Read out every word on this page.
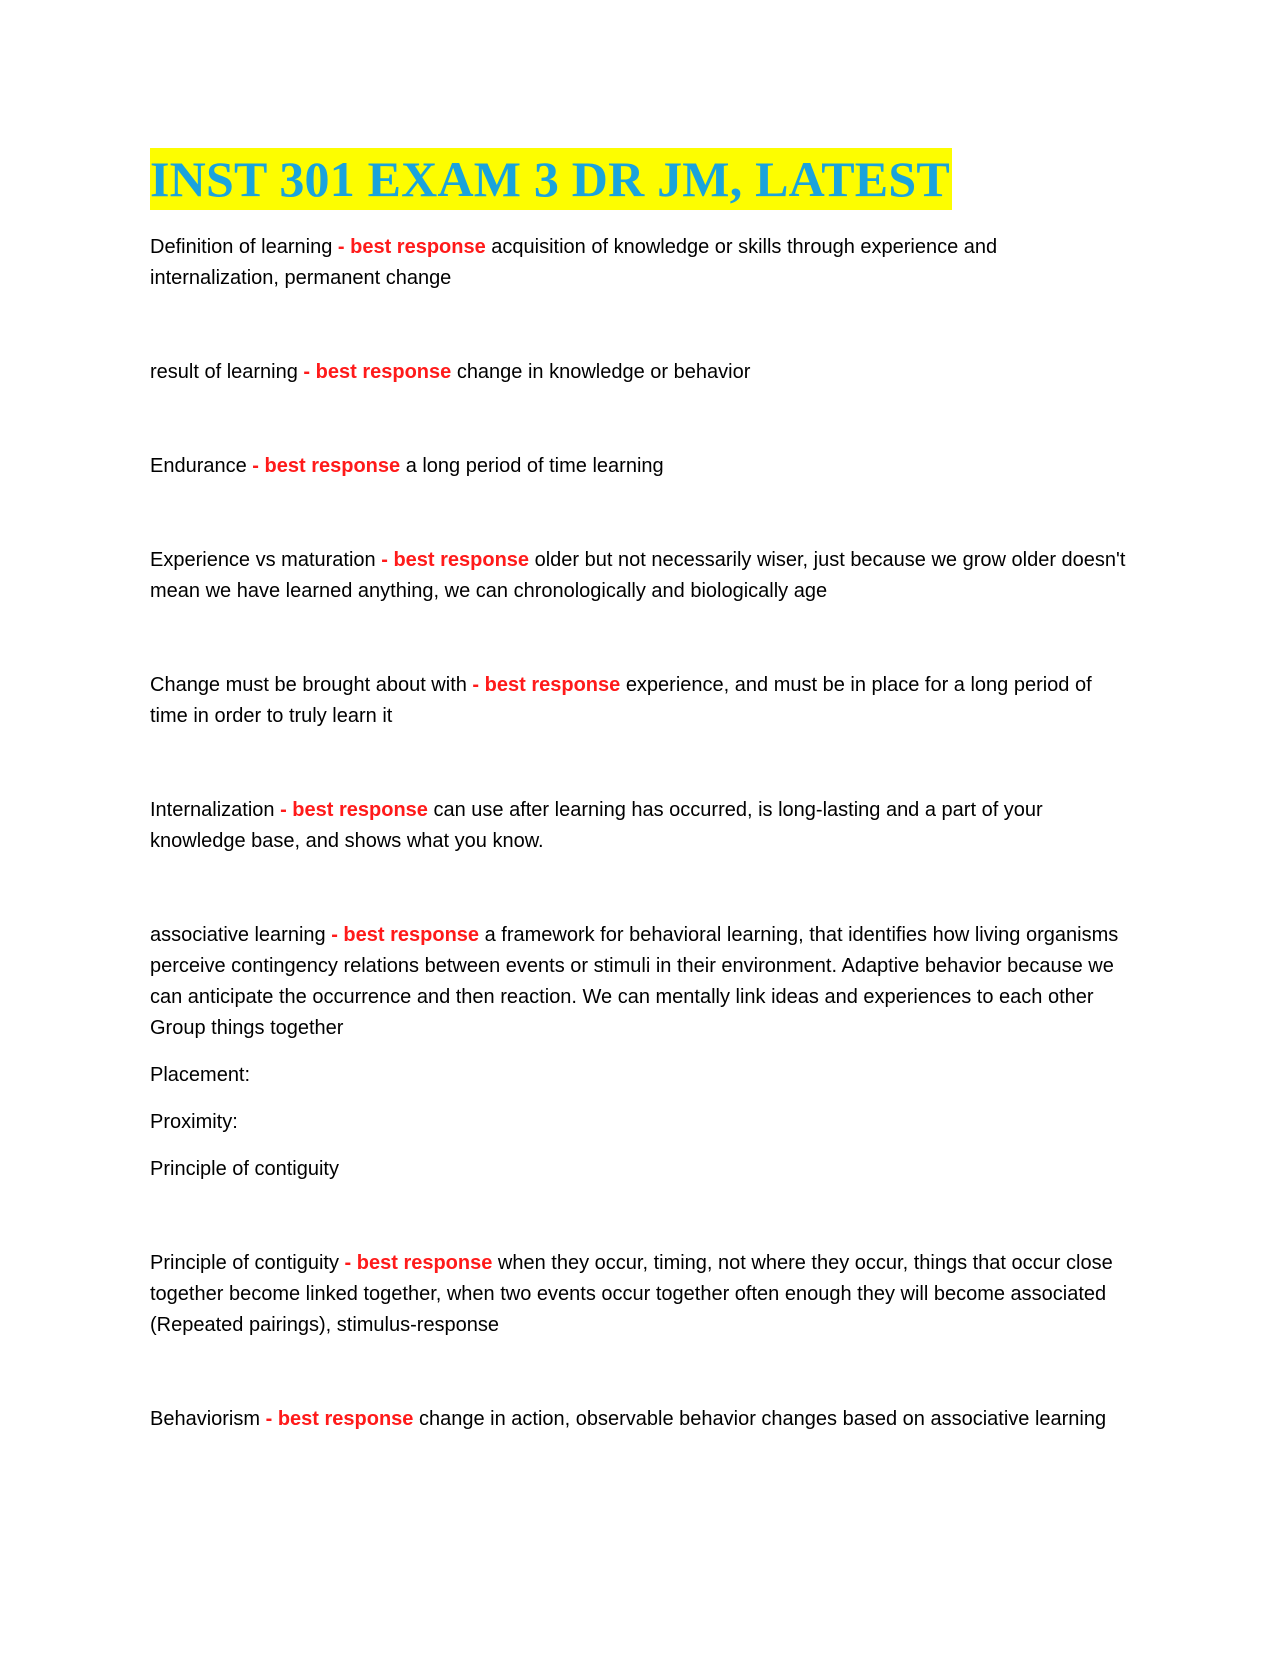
INST 301 EXAM 3 DR JM, LATEST

Definition of learning - best response acquisition of knowledge or skills through experience and internalization, permanent change

result of learning - best response change in knowledge or behavior

Endurance - best response a long period of time learning

Experience vs maturation - best response older but not necessarily wiser, just because we grow older doesn't mean we have learned anything, we can chronologically and biologically age

Change must be brought about with - best response experience, and must be in place for a long period of time in order to truly learn it

Internalization - best response can use after learning has occurred, is long-lasting and a part of your knowledge base, and shows what you know.

associative learning - best response a framework for behavioral learning, that identifies how living organisms perceive contingency relations between events or stimuli in their environment. Adaptive behavior because we can anticipate the occurrence and then reaction. We can mentally link ideas and experiences to each other Group things together

Placement:

Proximity:

Principle of contiguity

Principle of contiguity - best response when they occur, timing, not where they occur, things that occur close together become linked together, when two events occur together often enough they will become associated (Repeated pairings), stimulus-response

Behaviorism - best response change in action, observable behavior changes based on associative learning
